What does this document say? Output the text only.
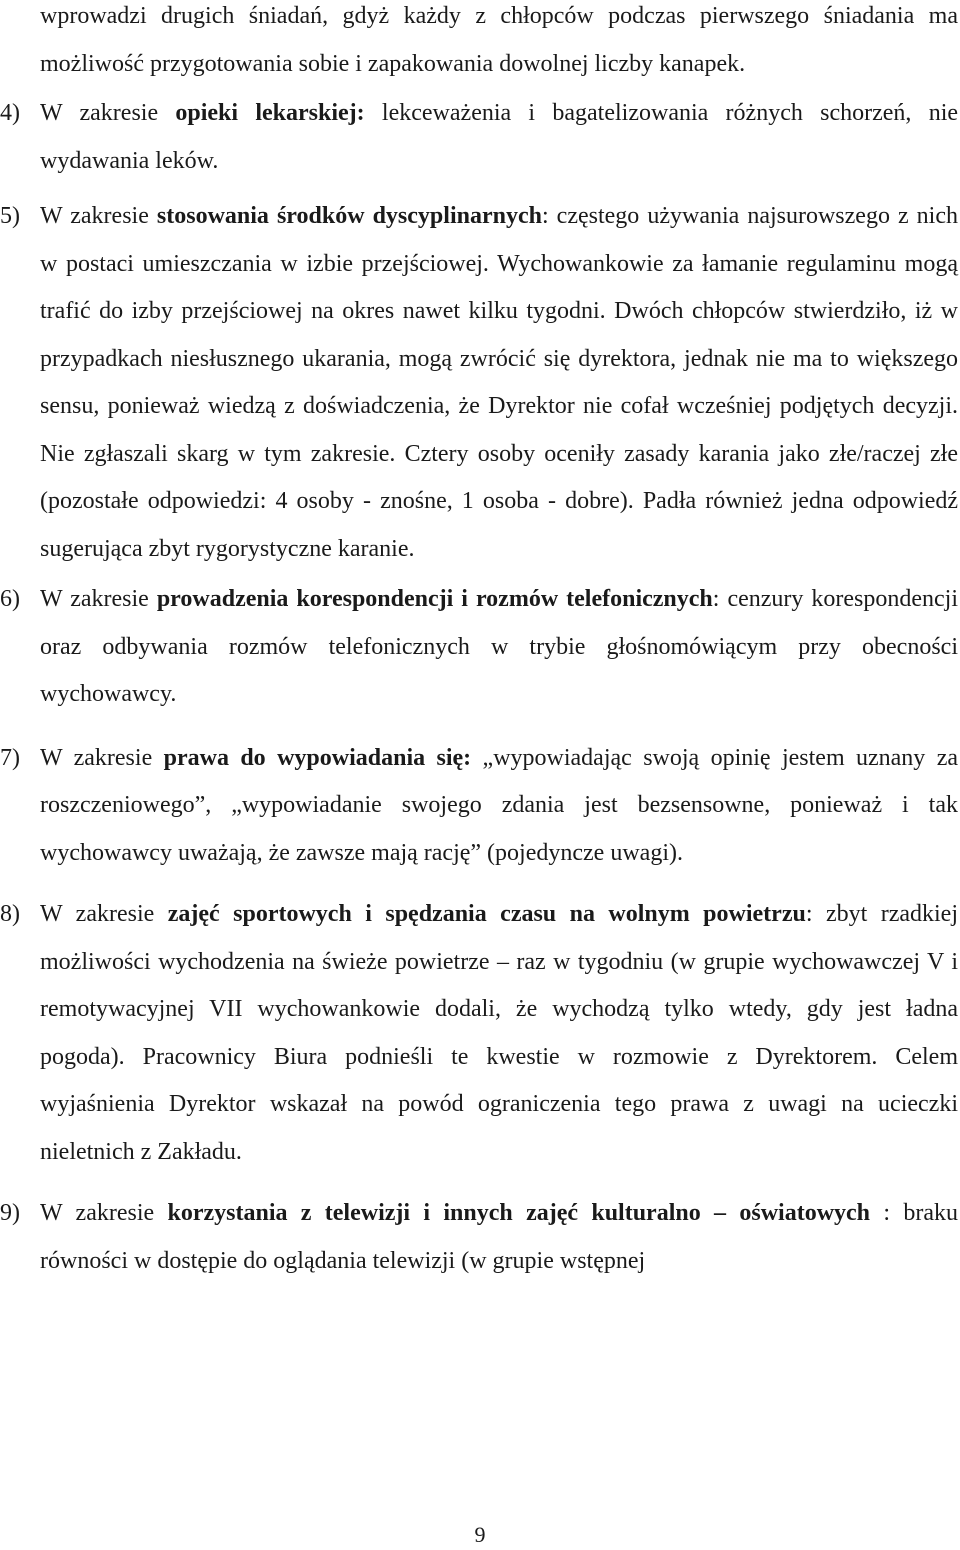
wprowadzi drugich śniadań, gdyż każdy z chłopców podczas pierwszego śniadania ma możliwość przygotowania sobie i zapakowania dowolnej liczby kanapek.

4) W zakresie opieki lekarskiej: lekceważenia i bagatelizowania różnych schorzeń, nie wydawania leków.
5) W zakresie stosowania środków dyscyplinarnych: częstego używania najsurowszego z nich w postaci umieszczania w izbie przejściowej. Wychowankowie za łamanie regulaminu mogą trafić do izby przejściowej na okres nawet kilku tygodni. Dwóch chłopców stwierdziło, iż w przypadkach niesłusznego ukarania, mogą zwrócić się dyrektora, jednak nie ma to większego sensu, ponieważ wiedzą z doświadczenia, że Dyrektor nie cofał wcześniej podjętych decyzji. Nie zgłaszali skarg w tym zakresie. Cztery osoby oceniły zasady karania jako złe/raczej złe (pozostałe odpowiedzi: 4 osoby - znośne, 1 osoba - dobre). Padła również jedna odpowiedź sugerująca zbyt rygorystyczne karanie.
6) W zakresie prowadzenia korespondencji i rozmów telefonicznych: cenzury korespondencji oraz odbywania rozmów telefonicznych w trybie głośnomówiącym przy obecności wychowawcy.
7) W zakresie prawa do wypowiadania się: „wypowiadając swoją opinię jestem uznany za roszczeniowego”, „wypowiadanie swojego zdania jest bezsensowne, ponieważ i tak wychowawcy uważają, że zawsze mają rację” (pojedyncze uwagi).
8) W zakresie zajęć sportowych i spędzania czasu na wolnym powietrzu: zbyt rzadkiej możliwości wychodzenia na świeże powietrze – raz w tygodniu (w grupie wychowawczej V i remotywacyjnej VII wychowankowie dodali, że wychodzą tylko wtedy, gdy jest ładna pogoda). Pracownicy Biura podnieśli te kwestie w rozmowie z Dyrektorem. Celem wyjaśnienia Dyrektor wskazał na powód ograniczenia tego prawa z uwagi na ucieczki nieletnich z Zakładu.
9) W zakresie korzystania z telewizji i innych zajęć kulturalno – oświatowych : braku równości w dostępie do oglądania telewizji (w grupie wstępnej
9
